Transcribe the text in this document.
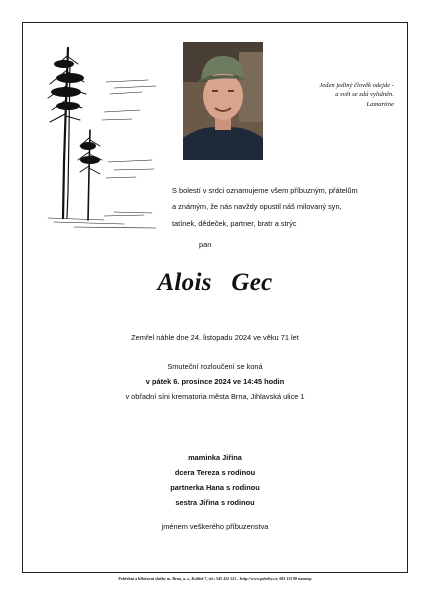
Jeden jediný člověk odejde -
a svět se zdá vylidněn.
Lamartine
S bolestí v srdci oznamujeme všem příbuzným, přátelům
a známým, že nás navždy opustil náš milovaný syn,
tatínek, dědeček, partner, bratr a strýc
pan
Alois   Gec
Zemřel náhle dne 24. listopadu 2024 ve věku 71 let
Smuteční rozloučení se koná
v pátek 6. prosince 2024 ve 14:45 hodin
v obřadní síni krematoria města Brna, Jihlavská ulice 1
maminka Jiřina
dcera Tereza s rodinou
partnerka Hana s rodinou
sestra Jiřina s rodinou
jménem veškerého příbuzenstva
Pohřební a hřbitovní služby m. Brna, a. s., Kolíště 7, tel.: 545 422 121 – http://www.pohrby.cz; 603 113 00 nonstop
